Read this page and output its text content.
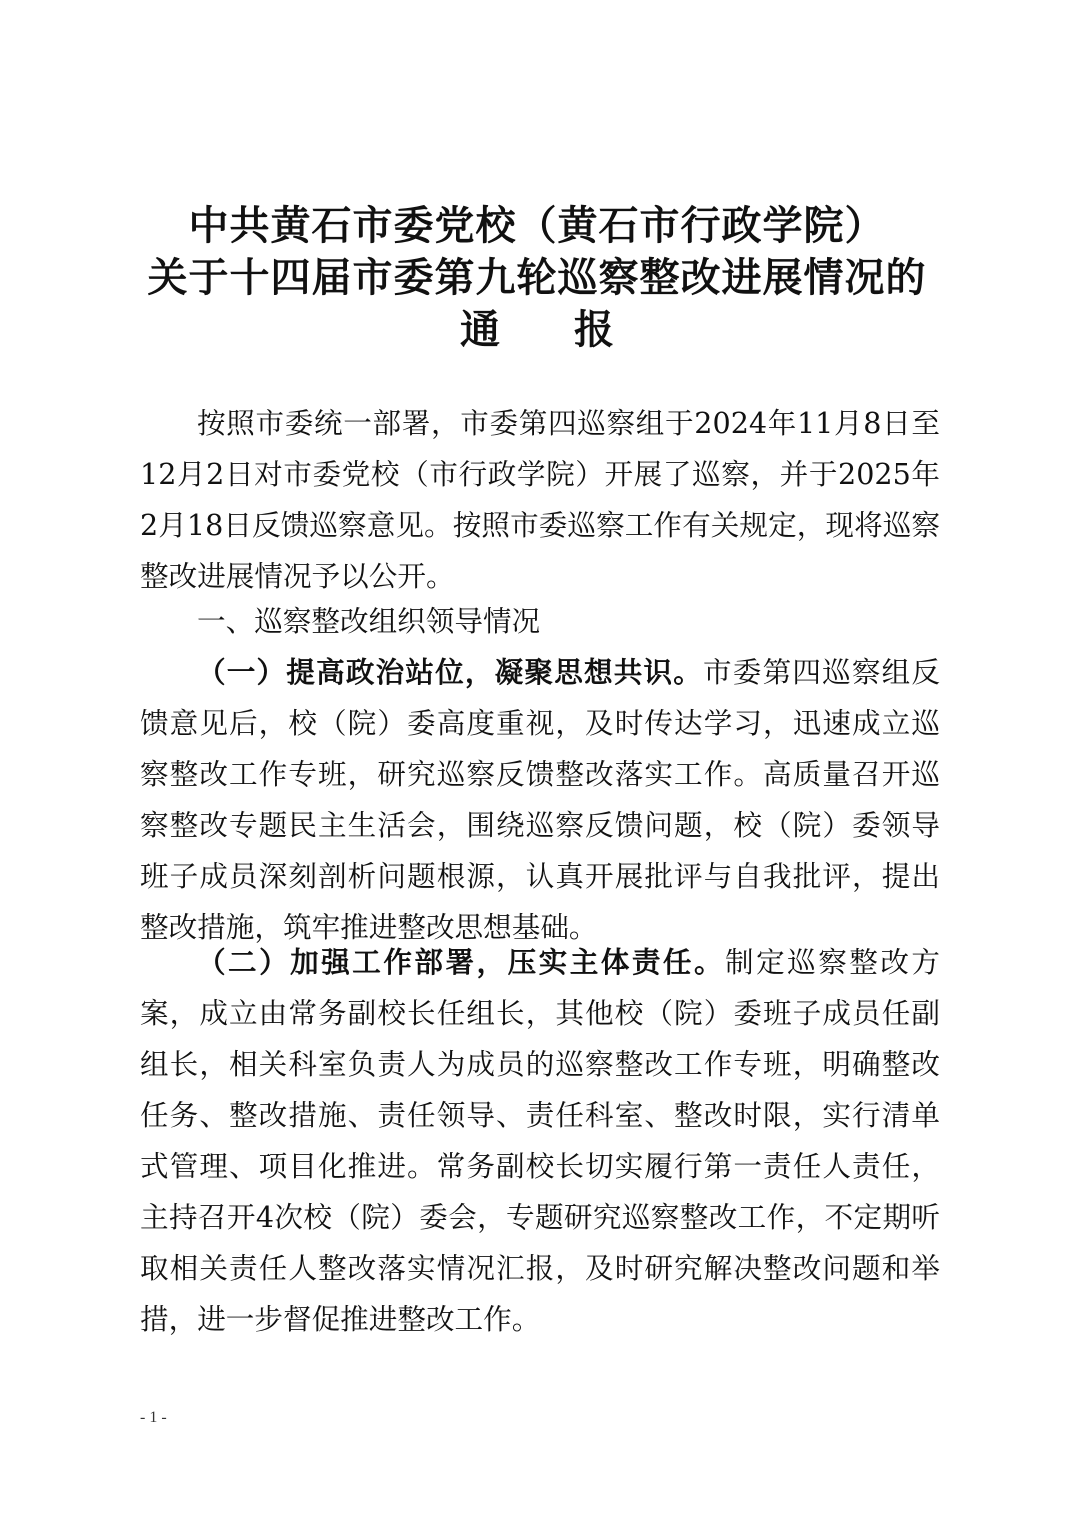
中共黄石市委党校（黄石市行政学院）
关于十四届市委第九轮巡察整改进展情况的
通 报

按照市委统一部署，市委第四巡察组于2024年11月8日至12月2日对市委党校（市行政学院）开展了巡察，并于2025年2月18日反馈巡察意见。按照市委巡察工作有关规定，现将巡察整改进展情况予以公开。

一、巡察整改组织领导情况

（一）提高政治站位，凝聚思想共识。市委第四巡察组反馈意见后，校（院）委高度重视，及时传达学习，迅速成立巡察整改工作专班，研究巡察反馈整改落实工作。高质量召开巡察整改专题民主生活会，围绕巡察反馈问题，校（院）委领导班子成员深刻剖析问题根源，认真开展批评与自我批评，提出整改措施，筑牢推进整改思想基础。

（二）加强工作部署，压实主体责任。制定巡察整改方案，成立由常务副校长任组长，其他校（院）委班子成员任副组长，相关科室负责人为成员的巡察整改工作专班，明确整改任务、整改措施、责任领导、责任科室、整改时限，实行清单式管理、项目化推进。常务副校长切实履行第一责任人责任，主持召开4次校（院）委会，专题研究巡察整改工作，不定期听取相关责任人整改落实情况汇报，及时研究解决整改问题和举措，进一步督促推进整改工作。

- 1 -
